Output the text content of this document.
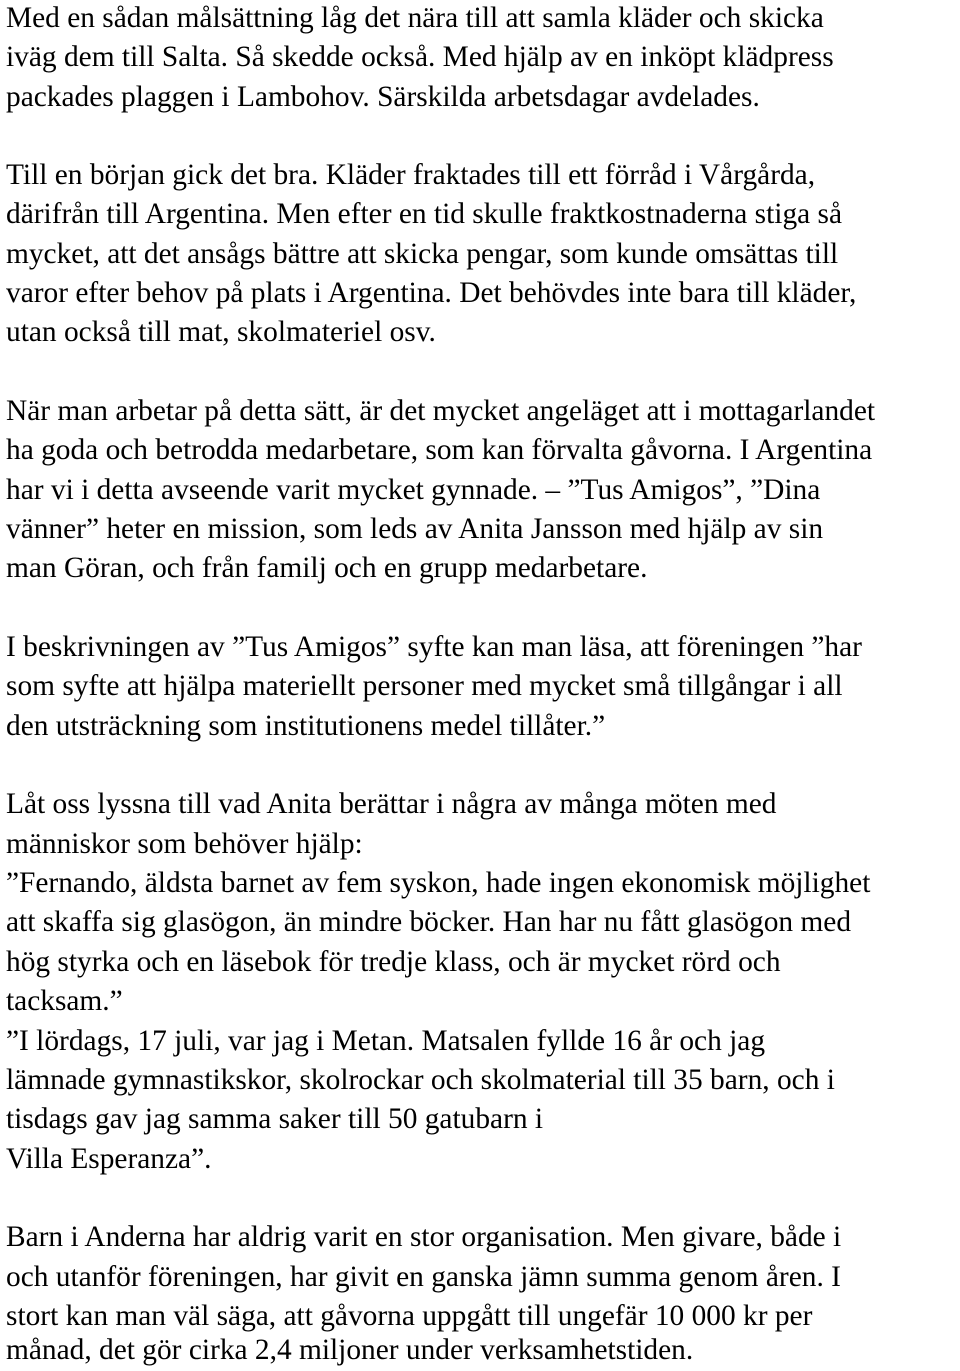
Med en sådan målsättning låg det nära till att samla kläder och skicka
iväg dem till Salta. Så skedde också. Med hjälp av en inköpt klädpress
packades plaggen i Lambohov. Särskilda arbetsdagar avdelades.
Till en början gick det bra. Kläder fraktades till ett förråd i Vårgårda,
därifrån till Argentina. Men efter en tid skulle fraktkostnaderna stiga så
mycket, att det ansågs bättre att skicka pengar, som kunde omsättas till
varor efter behov på plats i Argentina. Det behövdes inte bara till kläder,
utan också till mat, skolmateriel osv.
När man arbetar på detta sätt, är det mycket angeläget att i mottagarlandet
ha goda och betrodda medarbetare, som kan förvalta gåvorna. I Argentina
har vi i detta avseende varit mycket gynnade. – ”Tus Amigos”, ”Dina
vänner” heter en mission, som leds av Anita Jansson med hjälp av sin
man Göran, och från familj och en grupp medarbetare.
I beskrivningen av ”Tus Amigos” syfte kan man läsa, att föreningen ”har
som syfte att hjälpa materiellt personer med mycket små tillgångar i all
den utsträckning som institutionens medel tillåter.”
Låt oss lyssna till vad Anita berättar i några av många möten med
människor som behöver hjälp:
”Fernando, äldsta barnet av fem syskon, hade ingen ekonomisk möjlighet
att skaffa sig glasögon, än mindre böcker. Han har nu fått glasögon med
hög styrka och en läsebok för tredje klass, och är mycket rörd och
tacksam.”
”I lördags, 17 juli, var jag i Metan. Matsalen fyllde 16 år och jag
lämnade gymnastikskor, skolrockar och skolmaterial till 35 barn, och i
tisdags gav jag samma saker till 50 gatubarn i
Villa Esperanza”.
Barn i Anderna har aldrig varit en stor organisation. Men givare, både i
och utanför föreningen, har givit en ganska jämn summa genom åren. I
stort kan man väl säga, att gåvorna uppgått till ungefär 10 000 kr per
månad, det gör cirka 2,4 miljoner under verksamhetstiden.
